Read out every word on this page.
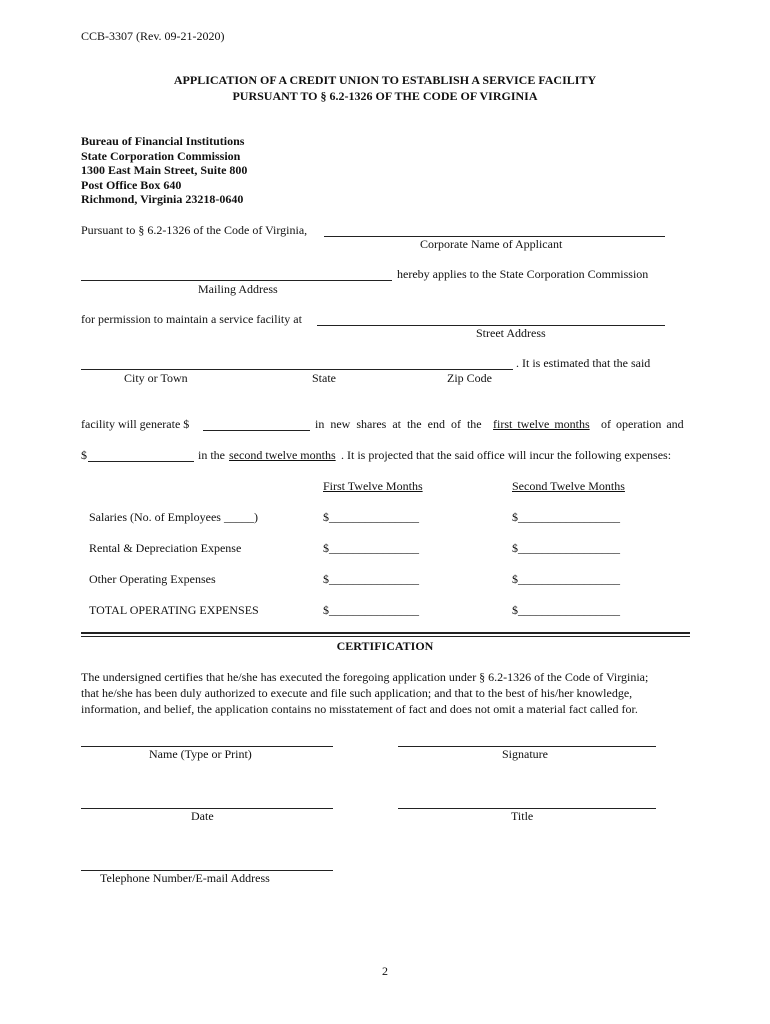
CCB-3307 (Rev. 09-21-2020)
APPLICATION OF A CREDIT UNION TO ESTABLISH A SERVICE FACILITY
PURSUANT TO § 6.2-1326 OF THE CODE OF VIRGINIA
Bureau of Financial Institutions
State Corporation Commission
1300 East Main Street, Suite 800
Post Office Box 640
Richmond, Virginia 23218-0640
Pursuant to § 6.2-1326 of the Code of Virginia,
Corporate Name of Applicant
hereby applies to the State Corporation Commission
Mailing Address
for permission to maintain a service facility at
Street Address
. It is estimated that the said
City or Town	State	Zip Code
facility will generate $	in new shares at the end of the first twelve months of operation and
$	in the second twelve months . It is projected that the said office will incur the following expenses:
First Twelve Months	Second Twelve Months
Salaries (No. of Employees _____)	$_______________	$_________________
Rental & Depreciation Expense	$_______________	$_________________
Other Operating Expenses	$_______________	$_________________
TOTAL OPERATING EXPENSES	$_______________	$_________________
CERTIFICATION
The undersigned certifies that he/she has executed the foregoing application under § 6.2-1326 of the Code of Virginia;
that he/she has been duly authorized to execute and file such application; and that to the best of his/her knowledge,
information, and belief, the application contains no misstatement of fact and does not omit a material fact called for.
Name (Type or Print)	Signature
Date	Title
Telephone Number/E-mail Address
2
